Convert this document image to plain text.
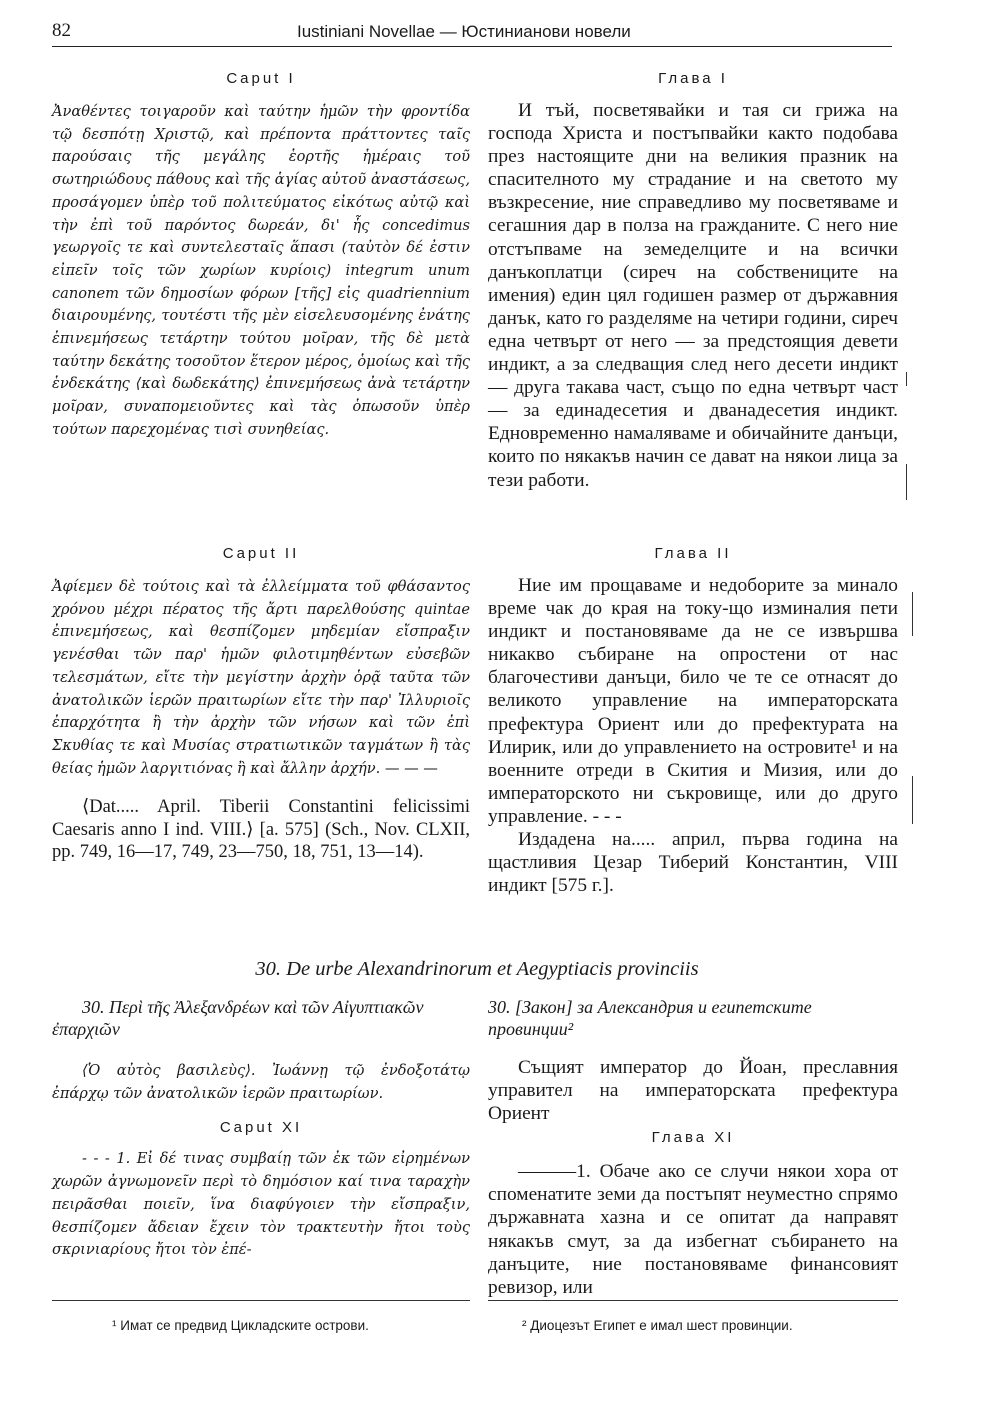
82	Iustiniani Novellae — Юстинианови новели

Caput I

Ἀναθέντες τοιγαροῦν καὶ ταύτην ἡμῶν τὴν φροντίδα τῷ δεσπότῃ Χριστῷ, καὶ πρέποντα πράττοντες ταῖς παρούσαις τῆς μεγάλης ἑορτῆς ἡμέραις τοῦ σωτηριώδους πάθους καὶ τῆς ἁγίας αὐτοῦ ἀναστάσεως, προσάγομεν ὑπὲρ τοῦ πολιτεύματος εἰκότως αὐτῷ καὶ τὴν ἐπὶ τοῦ παρόντος δωρεάν, δι' ἧς concedimus γεωργοῖς τε καὶ συντελεσταῖς ἅπασι (ταὐτὸν δέ ἐστιν εἰπεῖν τοῖς τῶν χωρίων κυρίοις) integrum unum canonem τῶν δημοσίων φόρων [τῆς] εἰς quadriennium διαιρουμένης, τουτέστι τῆς μὲν εἰσελευσομένης ἐνάτης ἐπινεμήσεως τετάρτην τούτου μοῖραν, τῆς δὲ μετὰ ταύτην δεκάτης τοσοῦτον ἕτερον μέρος, ὁμοίως καὶ τῆς ἑνδεκάτης ⟨καὶ δωδεκάτης⟩ ἐπινεμήσεως ἀνὰ τετάρτην μοῖραν, συναπομειοῦντες καὶ τὰς ὁπωσοῦν ὑπὲρ τούτων παρεχομένας τισὶ συνηθείας.

Глава I

И тъй, посветявайки и тая си грижа на господа Христа и постъпвайки както подобава през настоящите дни на великия празник на спасителното му страдание и на светото му възкресение, ние справедливо му посветяваме и сегашния дар в полза на гражданите. С него ние отстъпваме на земеделците и на всички данъкоплатци (сиреч на собствениците на имения) един цял годишен размер от държавния данък, като го разделяме на четири години, сиреч една четвърт от него — за предстоящия девети индикт, а за следващия след него десети индикт — друга такава част, също по една четвърт част — за единадесетия и дванадесетия индикт. Едновременно намаляваме и обичайните данъци, които по някакъв начин се дават на някои лица за тези работи.

Caput II

Ἀφίεμεν δὲ τούτοις καὶ τὰ ἐλλείμματα τοῦ φθάσαντος χρόνου μέχρι πέρατος τῆς ἄρτι παρελθούσης quintae ἐπινεμήσεως, καὶ θεσπίζομεν μηδεμίαν εἴσπραξιν γενέσθαι τῶν παρ' ἡμῶν φιλοτιμηθέντων εὐσεβῶν τελεσμάτων, εἴτε τὴν μεγίστην ἀρχὴν ὁρᾷ ταῦτα τῶν ἀνατολικῶν ἱερῶν πραιτωρίων εἴτε τὴν παρ' Ἰλλυριοῖς ἐπαρχότητα ἢ τὴν ἀρχὴν τῶν νήσων καὶ τῶν ἐπὶ Σκυθίας τε καὶ Μυσίας στρατιωτικῶν ταγμάτων ἢ τὰς θείας ἡμῶν λαργιτιόνας ἢ καὶ ἄλλην ἀρχήν. — — —

⟨Dat..... April. Tiberii Constantini felicissimi Caesaris anno I ind. VIII.⟩ [a. 575] (Sch., Nov. CLXII, pp. 749, 16—17, 749, 23—750, 18, 751, 13—14).

Глава II

Ние им прощаваме и недоборите за минало време чак до края на току-що изминалия пети индикт и постановяваме да не се извършва никакво събиране на опростени от нас благочестиви данъци, било че те се отнасят до великото управление на императорската префектура Ориент или до префектурата на Илирик, или до управлението на островите¹ и на военните отреди в Скития и Мизия, или до императорското ни съкровище, или до друго управление. - - -

Издадена на..... април, първа година на щастливия Цезар Тиберий Константин, VIII индикт [575 г.].

30. De urbe Alexandrinorum et Aegyptiacis provinciis

30. Περὶ τῆς Ἀλεξανδρέων καὶ τῶν Αἰγυπτιακῶν ἐπαρχιῶν

⟨Ὁ αὐτὸς βασιλεὺς⟩. Ἰωάννῃ τῷ ἐνδοξοτάτῳ ἐπάρχῳ τῶν ἀνατολικῶν ἱερῶν πραιτωρίων.

Caput XI

- - - 1. Εἰ δέ τινας συμβαίῃ τῶν ἐκ τῶν εἰρημένων χωρῶν ἀγνωμονεῖν περὶ τὸ δημόσιον καί τινα ταραχὴν πειρᾶσθαι ποιεῖν, ἵνα διαφύγοιεν τὴν εἴσπραξιν, θεσπίζομεν ἄδειαν ἔχειν τὸν τρακτευτὴν ἤτοι τοὺς σκρινιαρίους ἤτοι τὸν ἐπέ-

30. [Закон] за Александрия и египетските провинции²

Същият император до Йоан, преславния управител на императорската префектура Ориент

Глава XI

———1. Обаче ако се случи някои хора от споменатите земи да постъпят неуместно спрямо държавната хазна и се опитат да направят някакъв смут, за да избегнат събирането на данъците, ние постановяваме финансовият ревизор, или

¹ Имат се предвид Цикладските острови.	² Диоцезът Египет е имал шест провинции.
